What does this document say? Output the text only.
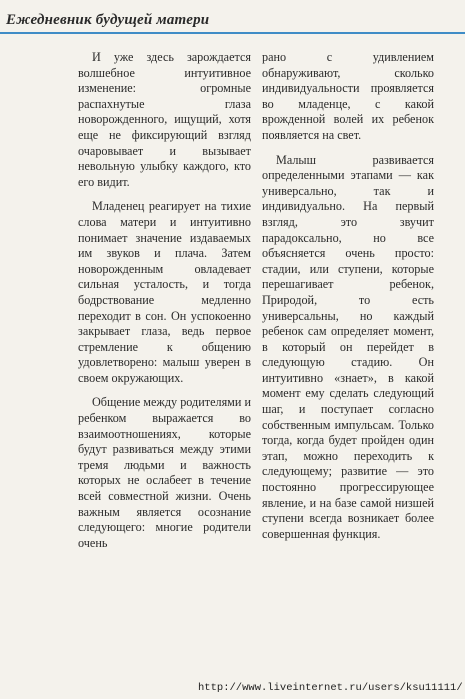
Ежедневник будущей матери

И уже здесь зарождается волшебное интуитивное изменение: огромные распахнутые глаза новорожденного, ищущий, хотя еще не фиксирующий взгляд очаровывает и вызывает невольную улыбку каждого, кто его видит.

Младенец реагирует на тихие слова матери и интуитивно понимает значение издаваемых им звуков и плача. Затем новорожденным овладевает сильная усталость, и тогда бодрствование медленно переходит в сон. Он успокоенно закрывает глаза, ведь первое стремление к общению удовлетворено: малыш уверен в своем окружающих.

Общение между родителями и ребенком выражается во взаимоотношениях, которые будут развиваться между этими тремя людьми и важность которых не ослабеет в течение всей совместной жизни. Очень важным является осознание следующего: многие родители очень

рано с удивлением обнаруживают, сколько индивидуальности проявляется во младенце, с какой врожденной волей их ребенок появляется на свет.

Малыш развивается определенными этапами — как универсально, так и индивидуально. На первый взгляд, это звучит парадоксально, но все объясняется очень просто: стадии, или ступени, которые перешагивает ребенок, Природой, то есть универсальны, но каждый ребенок сам определяет момент, в который он перейдет в следующую стадию. Он интуитивно «знает», в какой момент ему сделать следующий шаг, и поступает согласно собственным импульсам. Только тогда, когда будет пройден один этап, можно переходить к следующему; развитие — это постоянно прогрессирующее явление, и на базе самой низшей ступени всегда возникает более совершенная функция.

http://www.liveinternet.ru/users/ksu11111/
